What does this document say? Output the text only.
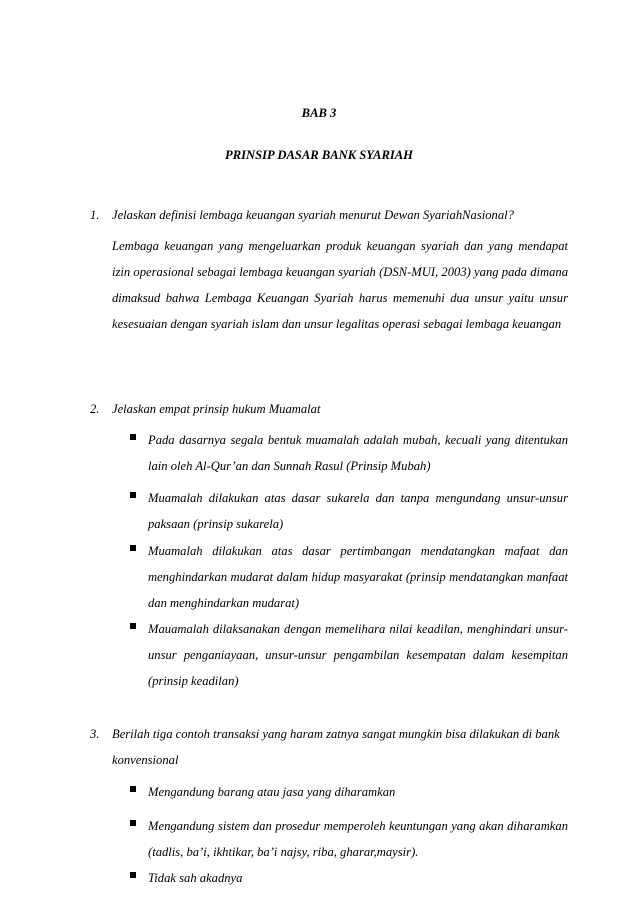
BAB 3
PRINSIP DASAR BANK SYARIAH
1. Jelaskan definisi lembaga keuangan syariah menurut Dewan SyariahNasional?
Lembaga keuangan yang mengeluarkan produk keuangan syariah dan yang mendapat izin operasional sebagai lembaga keuangan syariah (DSN-MUI, 2003) yang pada dimana dimaksud bahwa Lembaga Keuangan Syariah harus memenuhi dua unsur yaitu unsur kesesuaian dengan syariah islam dan unsur legalitas operasi sebagai lembaga keuangan
2. Jelaskan empat prinsip hukum Muamalat
Pada dasarnya segala bentuk muamalah adalah mubah, kecuali yang ditentukan lain oleh Al-Qur’an dan Sunnah Rasul (Prinsip Mubah)
Muamalah dilakukan atas dasar sukarela dan tanpa mengundang unsur-unsur paksaan (prinsip sukarela)
Muamalah dilakukan atas dasar pertimbangan mendatangkan mafaat dan menghindarkan mudarat dalam hidup masyarakat (prinsip mendatangkan manfaat dan menghindarkan mudarat)
Mauamalah dilaksanakan dengan memelihara nilai keadilan, menghindari unsur-unsur penganiayaan, unsur-unsur pengambilan kesempatan dalam kesempitan (prinsip keadilan)
3. Berilah tiga contoh transaksi yang haram zatnya sangat mungkin bisa dilakukan di bank konvensional
Mengandung barang atau jasa yang diharamkan
Mengandung sistem dan prosedur memperoleh keuntungan yang akan diharamkan (tadlis, ba’i, ikhtikar, ba’i najsy, riba, gharar,maysir).
Tidak sah akadnya
